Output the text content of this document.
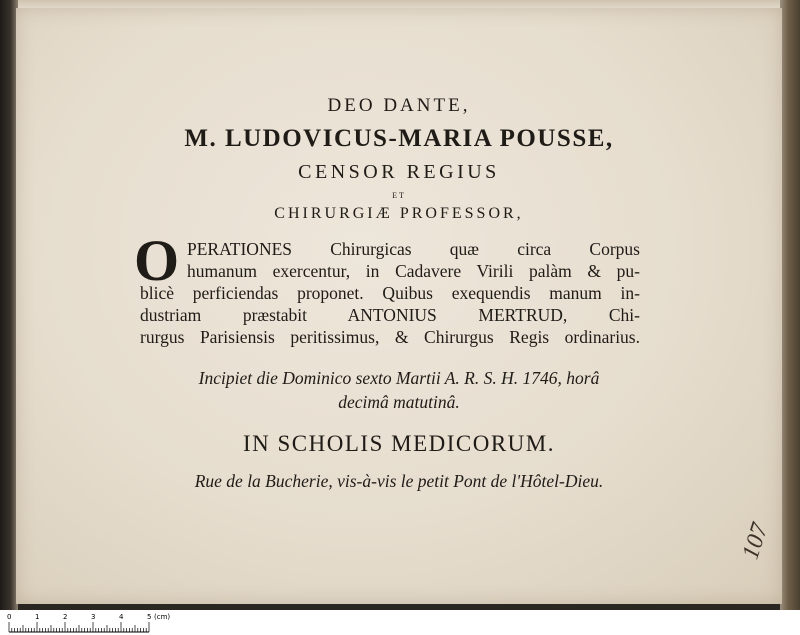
DEO DANTE,
M. LUDOVICUS-MARIA POUSSE,
CENSOR REGIUS
ET
CHIRURGIÆ PROFESSOR,
O PERATIONES Chirurgicas quæ circa Corpus
humanum exercentur, in Cadavere Virili palàm & pu-
blicè perficiendas proponet. Quibus exequendis manum in-
dustriam præstabit ANTONIUS MERTRUD, Chi-
rurgus Parisiensis peritissimus, & Chirurgus Regis ordinarius.
Incipiet die Dominico sexto Martii A. R. S. H. 1746, horâ
decimâ matutinâ.
IN SCHOLIS MEDICORUM.
Rue de la Bucherie, vis-à-vis le petit Pont de l'Hôtel-Dieu.
107
0	1	2	3	4	5 (cm)
